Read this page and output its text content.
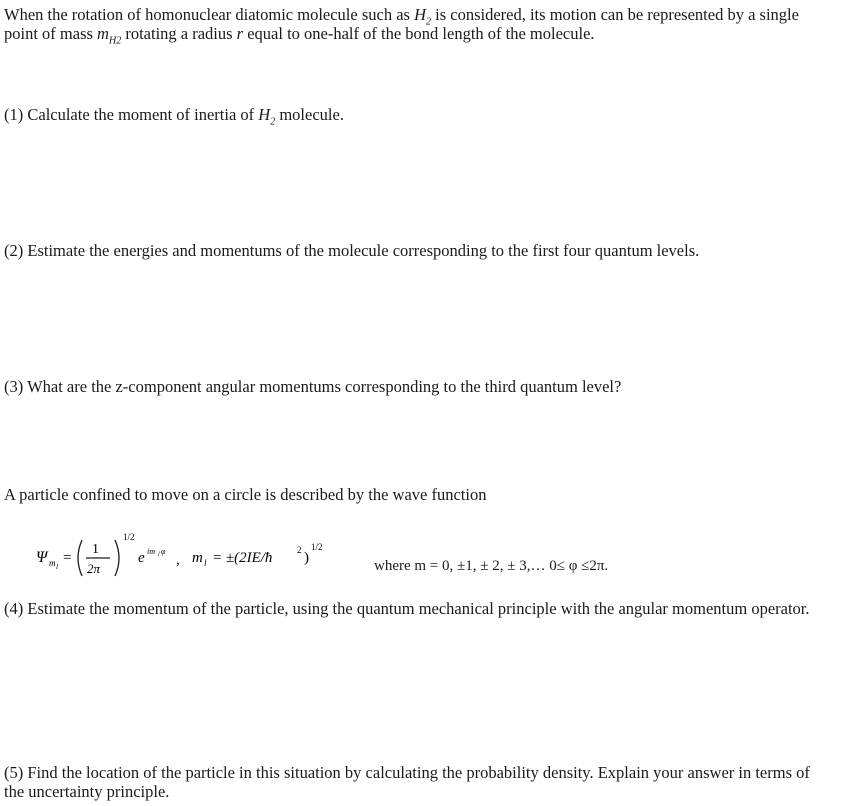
When the rotation of homonuclear diatomic molecule such as $H_2$ is considered, its motion can be represented by a single point of mass $m_{H2}$ rotating a radius r equal to one-half of the bond length of the molecule.
(1) Calculate the moment of inertia of $H_2$ molecule.
(2) Estimate the energies and momentums of the molecule corresponding to the first four quantum levels.
(3) What are the z-component angular momentums corresponding to the third quantum level?
A particle confined to move on a circle is described by the wave function
Ψ m l
=
1
2π
1/2
e im l φ
, m l = ±(2IE/ħ	2 )
1/2
where m = 0, ±1, ± 2, ± 3,… 0≤ φ ≤2π.
(4) Estimate the momentum of the particle, using the quantum mechanical principle with the angular momentum operator.
(5) Find the location of the particle in this situation by calculating the probability density. Explain your answer in terms of the uncertainty principle.
